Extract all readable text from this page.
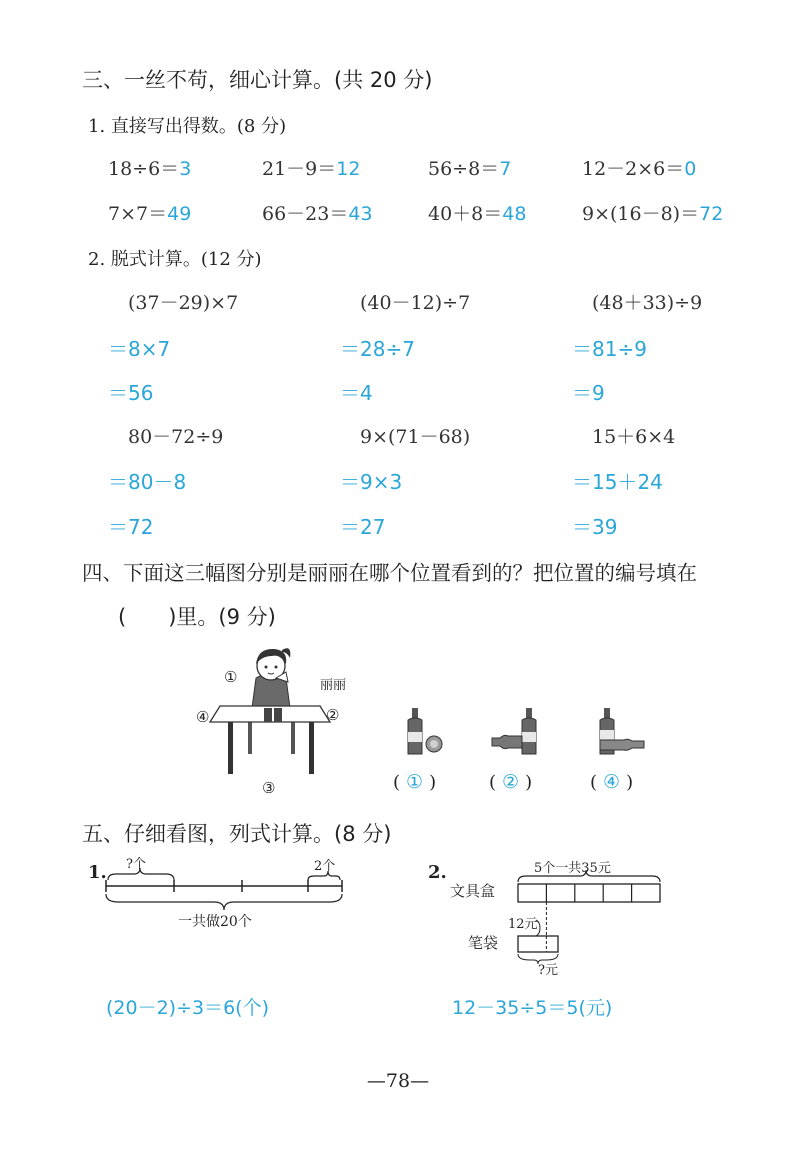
三、一丝不苟，细心计算。(共 20 分)
1. 直接写出得数。(8 分)
18÷6＝3	21－9＝12	56÷8＝7	12－2×6＝0
7×7＝49	66－23＝43	40＋8＝48	9×(16－8)＝72
2. 脱式计算。(12 分)
(37－29)×7	(40－12)÷7	(48＋33)÷9
＝8×7	＝28÷7	＝81÷9
＝56	＝4	＝9
80－72÷9	9×(71－68)	15＋6×4
＝80－8	＝9×3	＝15＋24
＝72	＝27	＝39
四、下面这三幅图分别是丽丽在哪个位置看到的？把位置的编号填在
(　　)里。(9 分)
①	丽丽
④	②
③	( ① )	( ② )	( ④ )
五、仔细看图，列式计算。(8 分)
1. ?个	2个
一共做20个
2.	5个一共35元
文具盒
12元
笔袋
?元
(20－2)÷3＝6(个)	12－35÷5＝5(元)
—78—
